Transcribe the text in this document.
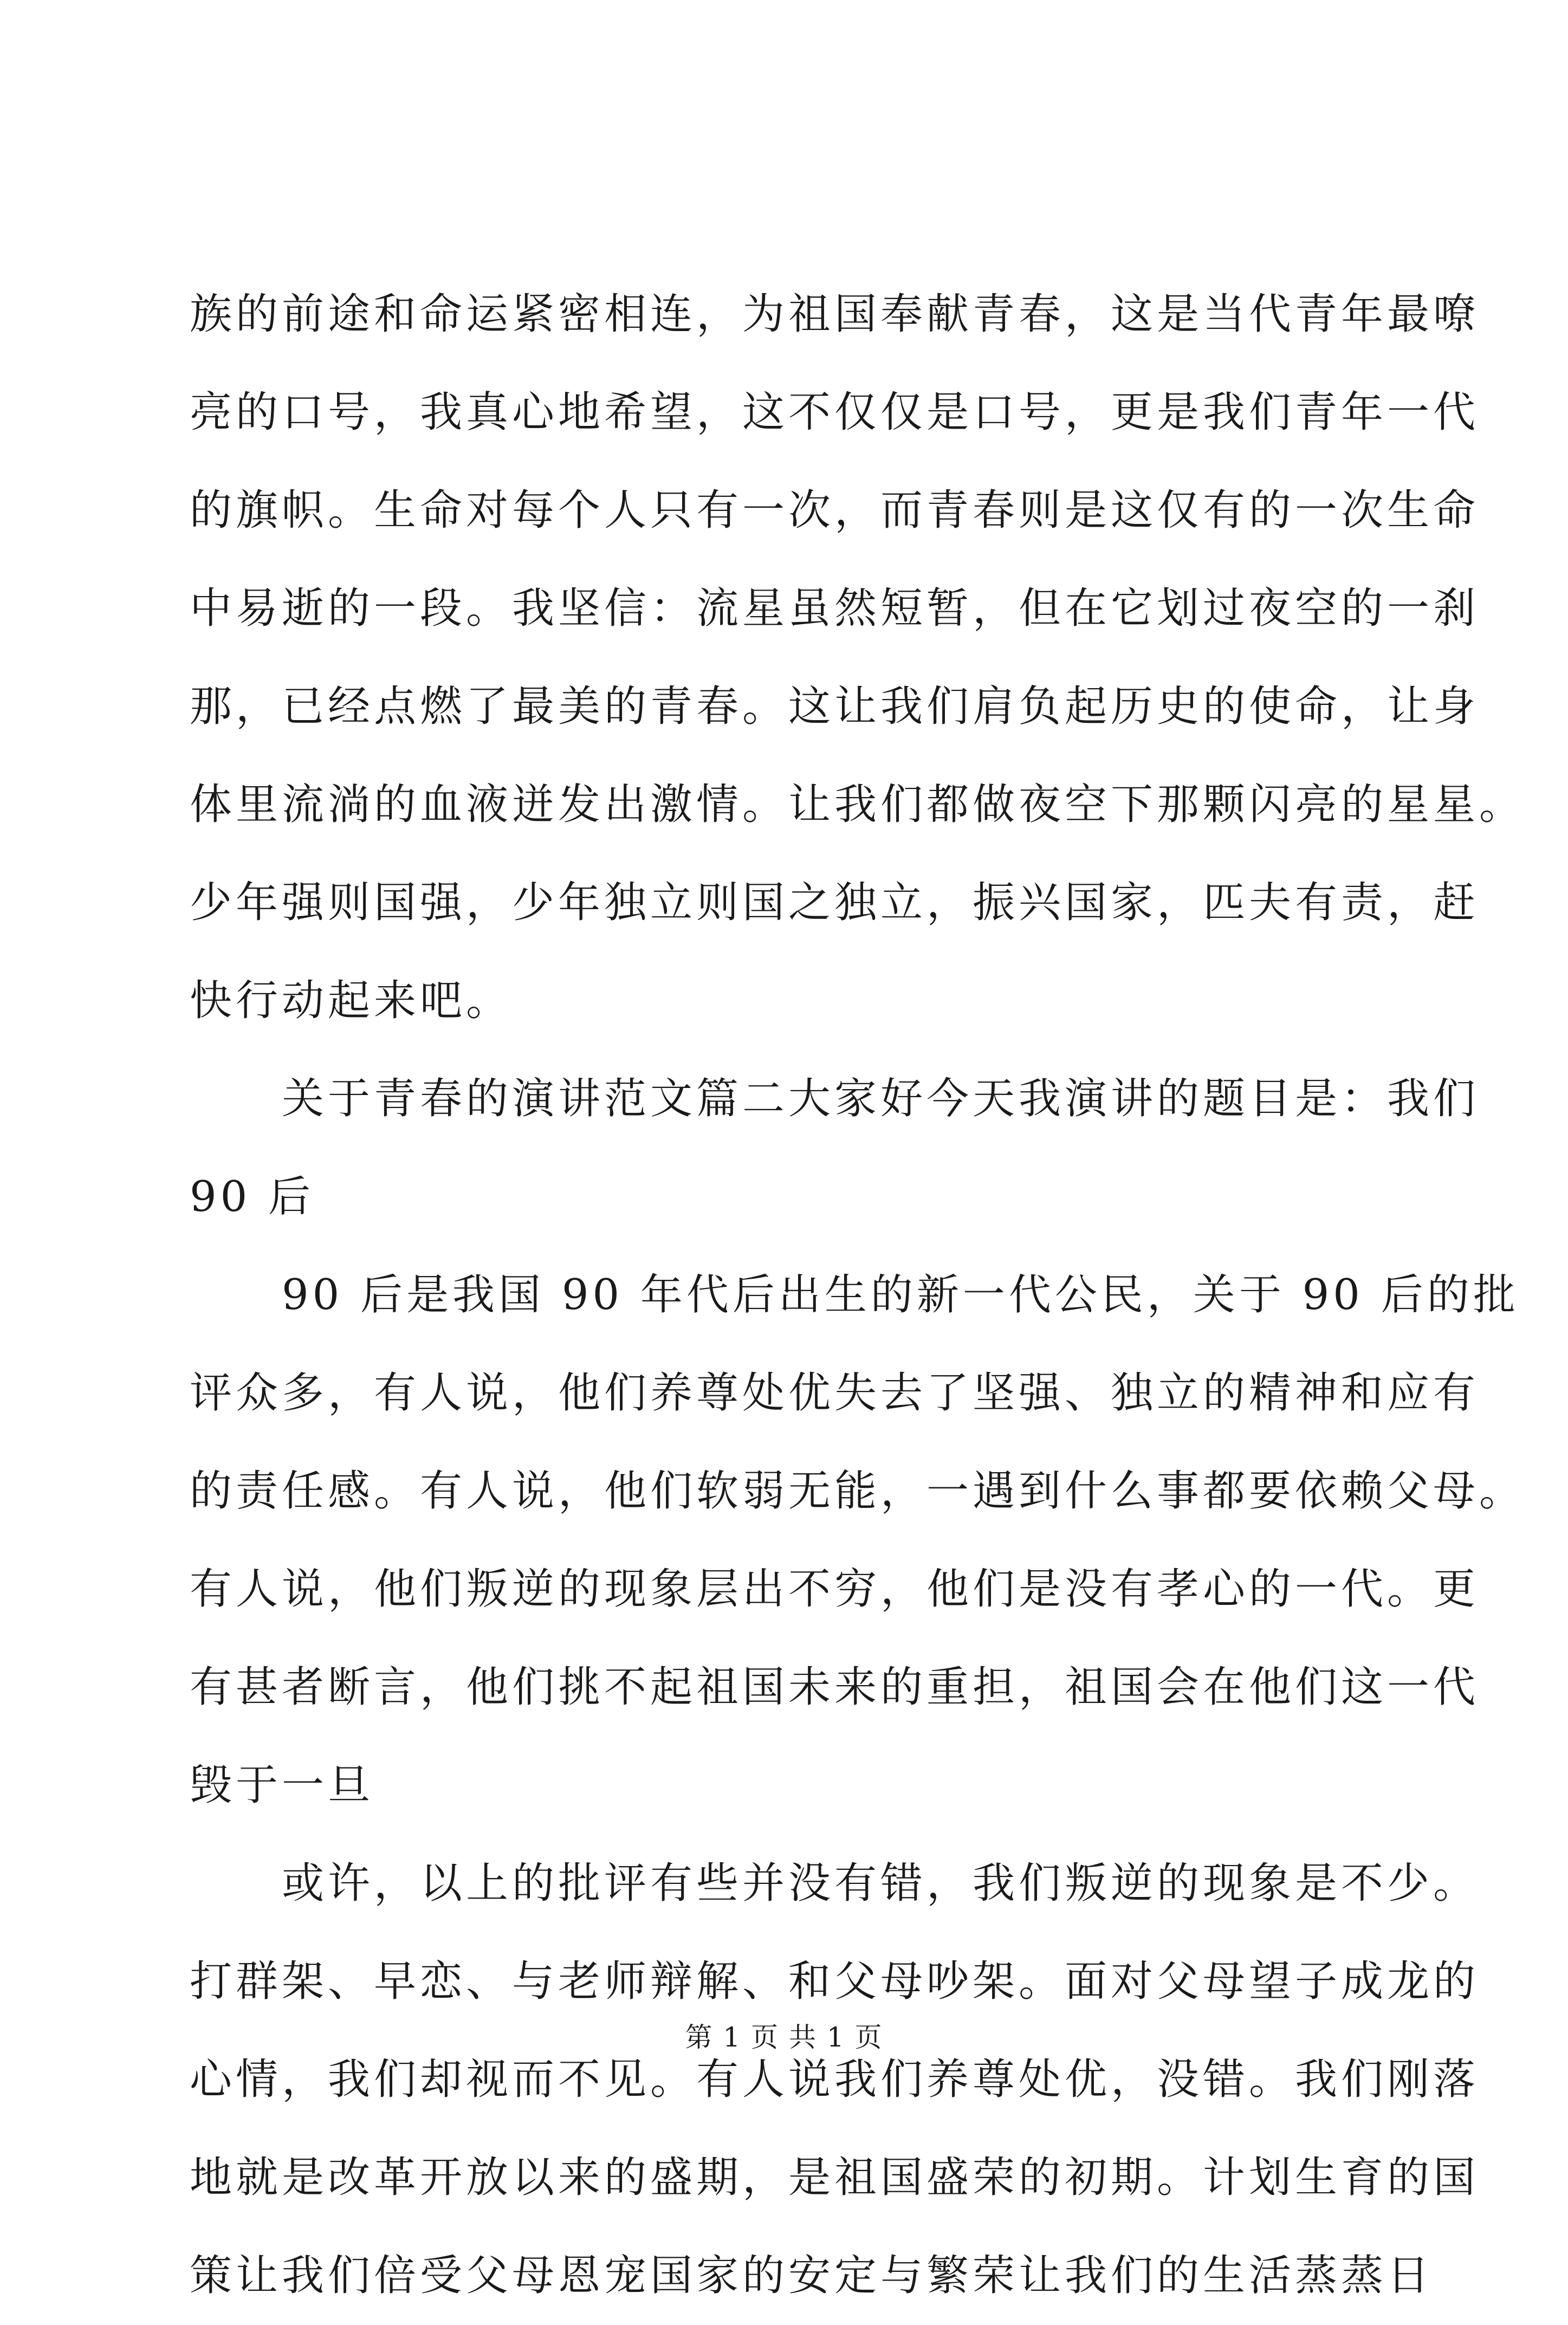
族的前途和命运紧密相连，为祖国奉献青春，这是当代青年最嘹
亮的口号，我真心地希望，这不仅仅是口号，更是我们青年一代
的旗帜。生命对每个人只有一次，而青春则是这仅有的一次生命
中易逝的一段。我坚信：流星虽然短暂，但在它划过夜空的一刹
那，已经点燃了最美的青春。这让我们肩负起历史的使命，让身
体里流淌的血液迸发出激情。让我们都做夜空下那颗闪亮的星星。
少年强则国强，少年独立则国之独立，振兴国家，匹夫有责，赶
快行动起来吧。
　　关于青春的演讲范文篇二大家好今天我演讲的题目是：我们
90 后
　　90 后是我国 90 年代后出生的新一代公民，关于 90 后的批
评众多，有人说，他们养尊处优失去了坚强、独立的精神和应有
的责任感。有人说，他们软弱无能，一遇到什么事都要依赖父母。
有人说，他们叛逆的现象层出不穷，他们是没有孝心的一代。更
有甚者断言，他们挑不起祖国未来的重担，祖国会在他们这一代
毁于一旦
　　或许，以上的批评有些并没有错，我们叛逆的现象是不少。
打群架、早恋、与老师辩解、和父母吵架。面对父母望子成龙的
心情，我们却视而不见。有人说我们养尊处优，没错。我们刚落
地就是改革开放以来的盛期，是祖国盛荣的初期。计划生育的国
策让我们倍受父母恩宠国家的安定与繁荣让我们的生活蒸蒸日
第 1 页 共 1 页
